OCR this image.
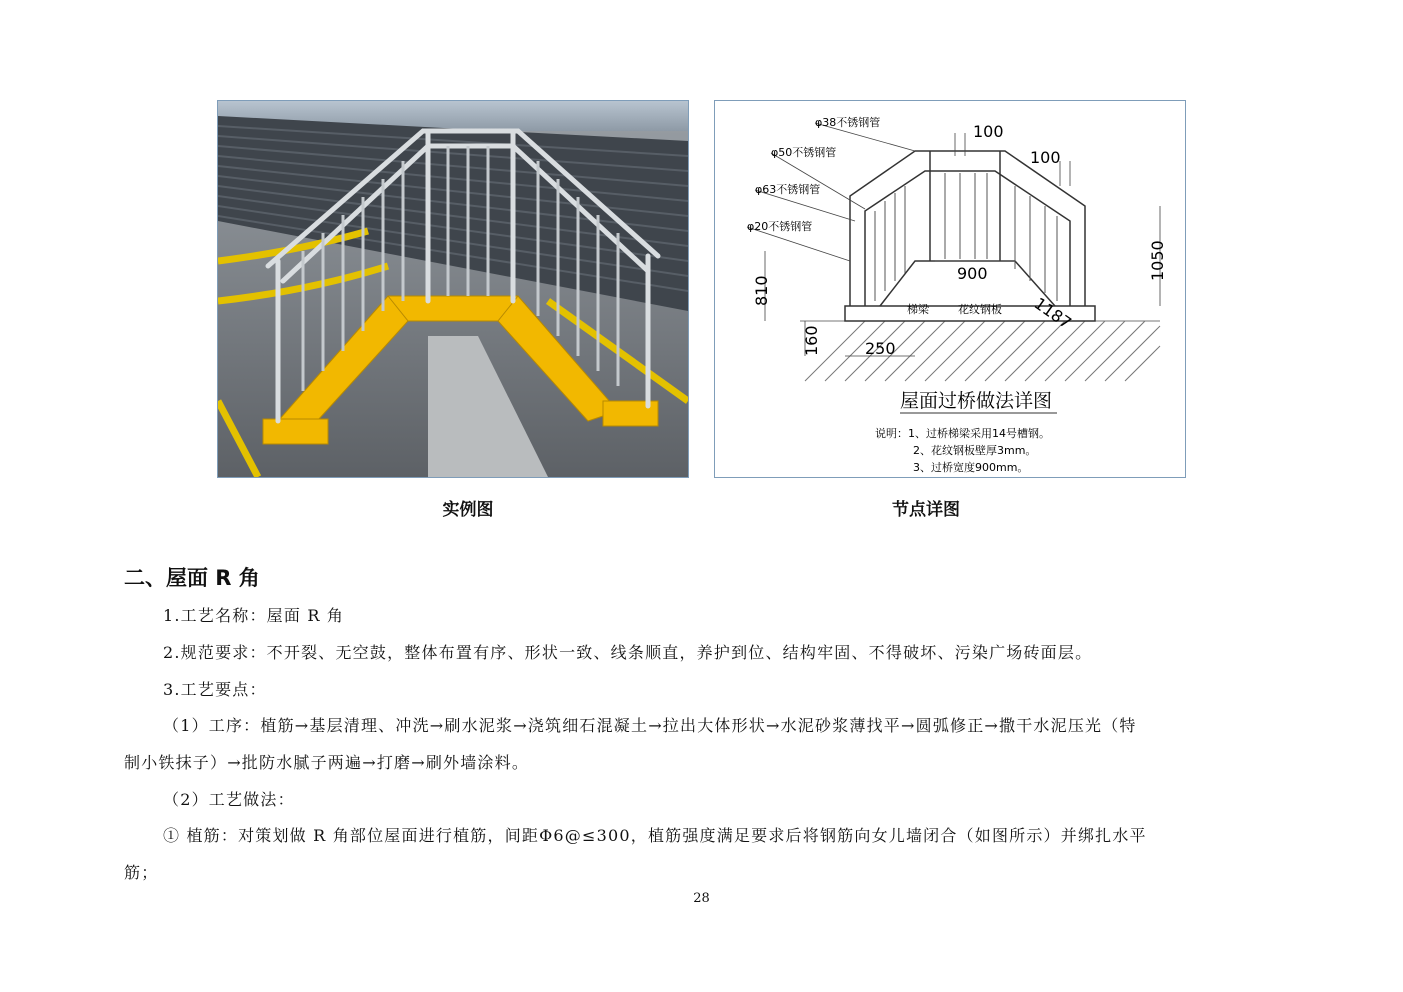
φ38不锈钢管
φ50不锈钢管
φ63不锈钢管
φ20不锈钢管
100
100
1050
900
810
1187
160	250
梯梁	花纹钢板
屋面过桥做法详图
说明：1、过桥梯梁采用14号槽钢。
2、花纹钢板壁厚3mm。
3、过桥宽度900mm。
实例图	节点详图
二、屋面 R 角
1.工艺名称：屋面 R 角
2.规范要求：不开裂、无空鼓，整体布置有序、形状一致、线条顺直，养护到位、结构牢固、不得破坏、污染广场砖面层。
3.工艺要点：
（1）工序：植筋→基层清理、冲洗→刷水泥浆→浇筑细石混凝土→拉出大体形状→水泥砂浆薄找平→圆弧修正→撒干水泥压光（特
制小铁抹子）→批防水腻子两遍→打磨→刷外墙涂料。
（2）工艺做法：
① 植筋：对策划做 R 角部位屋面进行植筋，间距Φ6@≤300，植筋强度满足要求后将钢筋向女儿墙闭合（如图所示）并绑扎水平
筋；
28
